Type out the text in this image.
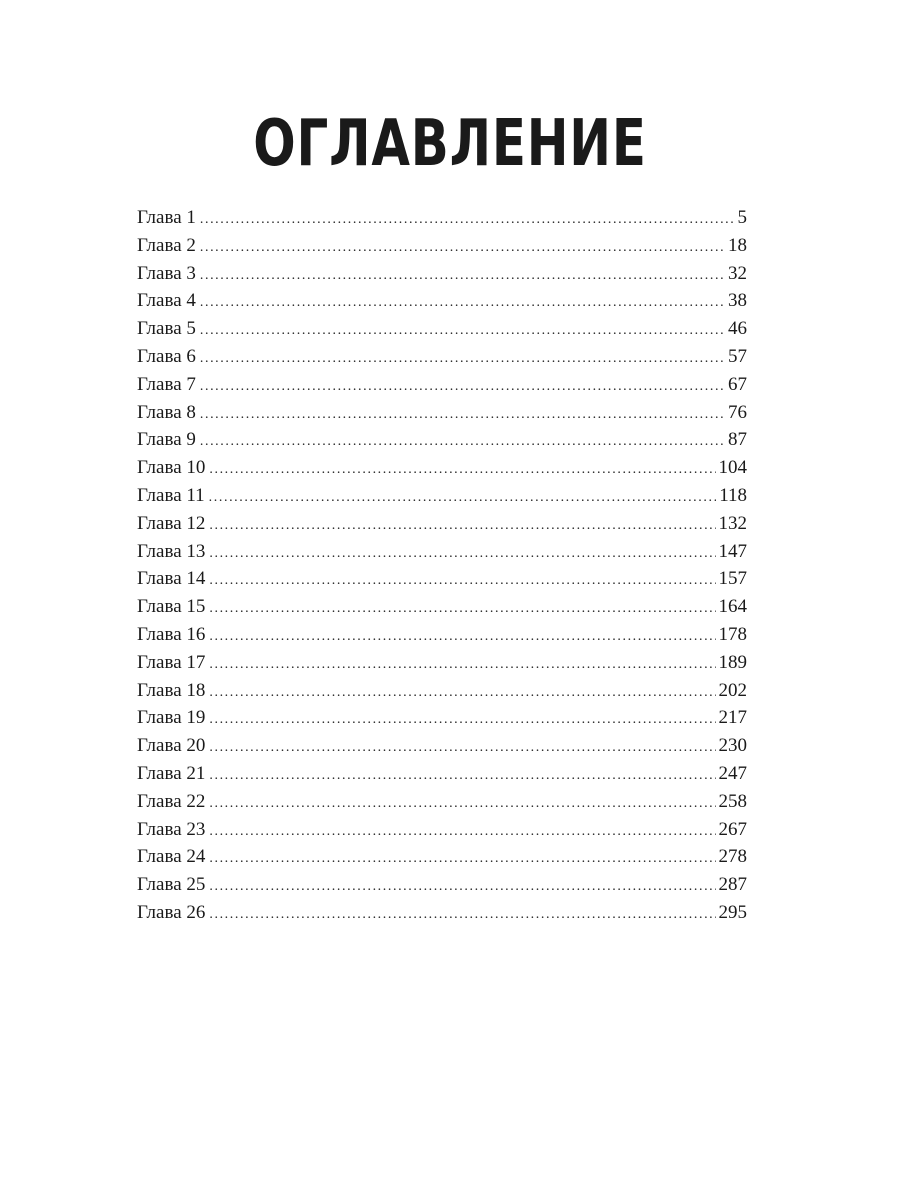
ОГЛАВЛЕНИЕ
Глава 1 .....	5
Глава 2 .....	18
Глава 3 .....	32
Глава 4 .....	38
Глава 5 .....	46
Глава 6 .....	57
Глава 7 .....	67
Глава 8 .....	76
Глава 9 .....	87
Глава 10 .....	104
Глава 11 .....	118
Глава 12 .....	132
Глава 13 .....	147
Глава 14 .....	157
Глава 15 .....	164
Глава 16 .....	178
Глава 17 .....	189
Глава 18 .....	202
Глава 19 .....	217
Глава 20 .....	230
Глава 21 .....	247
Глава 22 .....	258
Глава 23 .....	267
Глава 24 .....	278
Глава 25 .....	287
Глава 26 .....	295
